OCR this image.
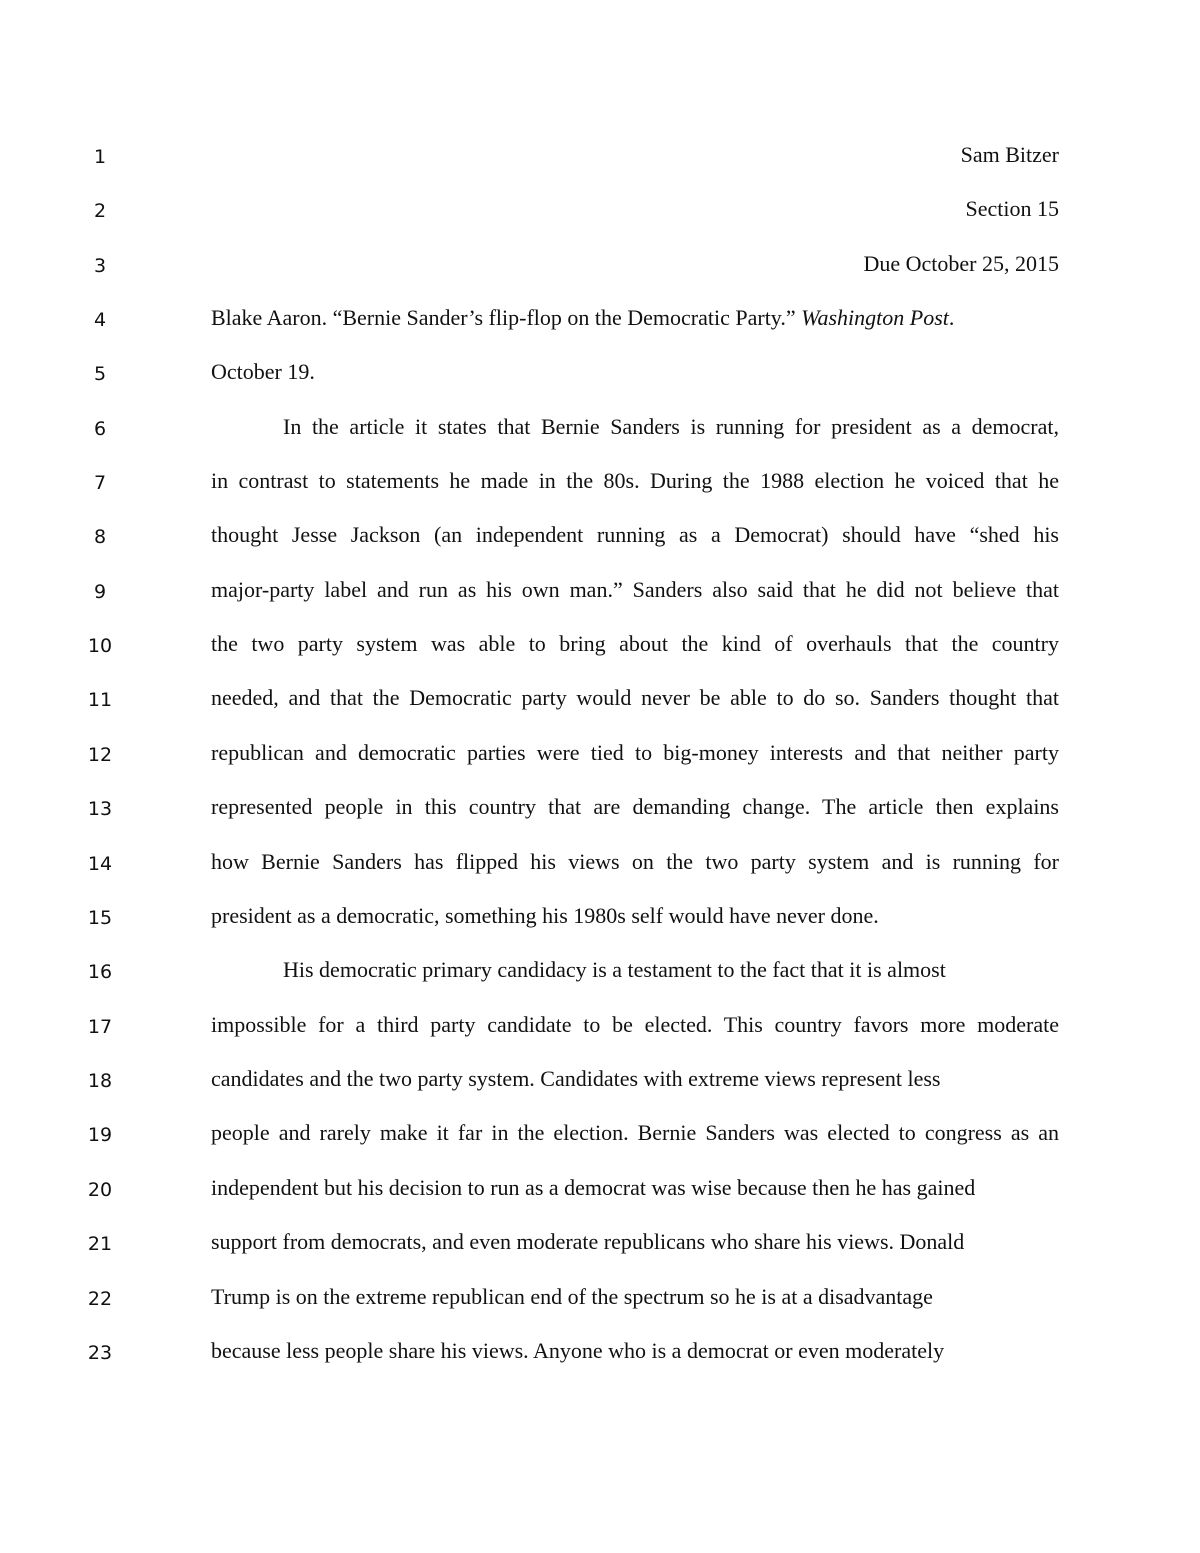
1	Sam Bitzer
2	Section 15
3	Due October 25, 2015
4	Blake Aaron. “Bernie Sander’s flip-flop on the Democratic Party.” Washington Post.
5	October 19.
6	In the article it states that Bernie Sanders is running for president as a democrat,
7	in contrast to statements he made in the 80s. During the 1988 election he voiced that he
8	thought Jesse Jackson (an independent running as a Democrat) should have “shed his
9	major-party label and run as his own man.” Sanders also said that he did not believe that
10	the two party system was able to bring about the kind of overhauls that the country
11	needed, and that the Democratic party would never be able to do so. Sanders thought that
12	republican and democratic parties were tied to big-money interests and that neither party
13	represented people in this country that are demanding change. The article then explains
14	how Bernie Sanders has flipped his views on the two party system and is running for
15	president as a democratic, something his 1980s self would have never done.
16	His democratic primary candidacy is a testament to the fact that it is almost
17	impossible for a third party candidate to be elected. This country favors more moderate
18	candidates and the two party system. Candidates with extreme views represent less
19	people and rarely make it far in the election. Bernie Sanders was elected to congress as an
20	independent but his decision to run as a democrat was wise because then he has gained
21	support from democrats, and even moderate republicans who share his views. Donald
22	Trump is on the extreme republican end of the spectrum so he is at a disadvantage
23	because less people share his views. Anyone who is a democrat or even moderately
